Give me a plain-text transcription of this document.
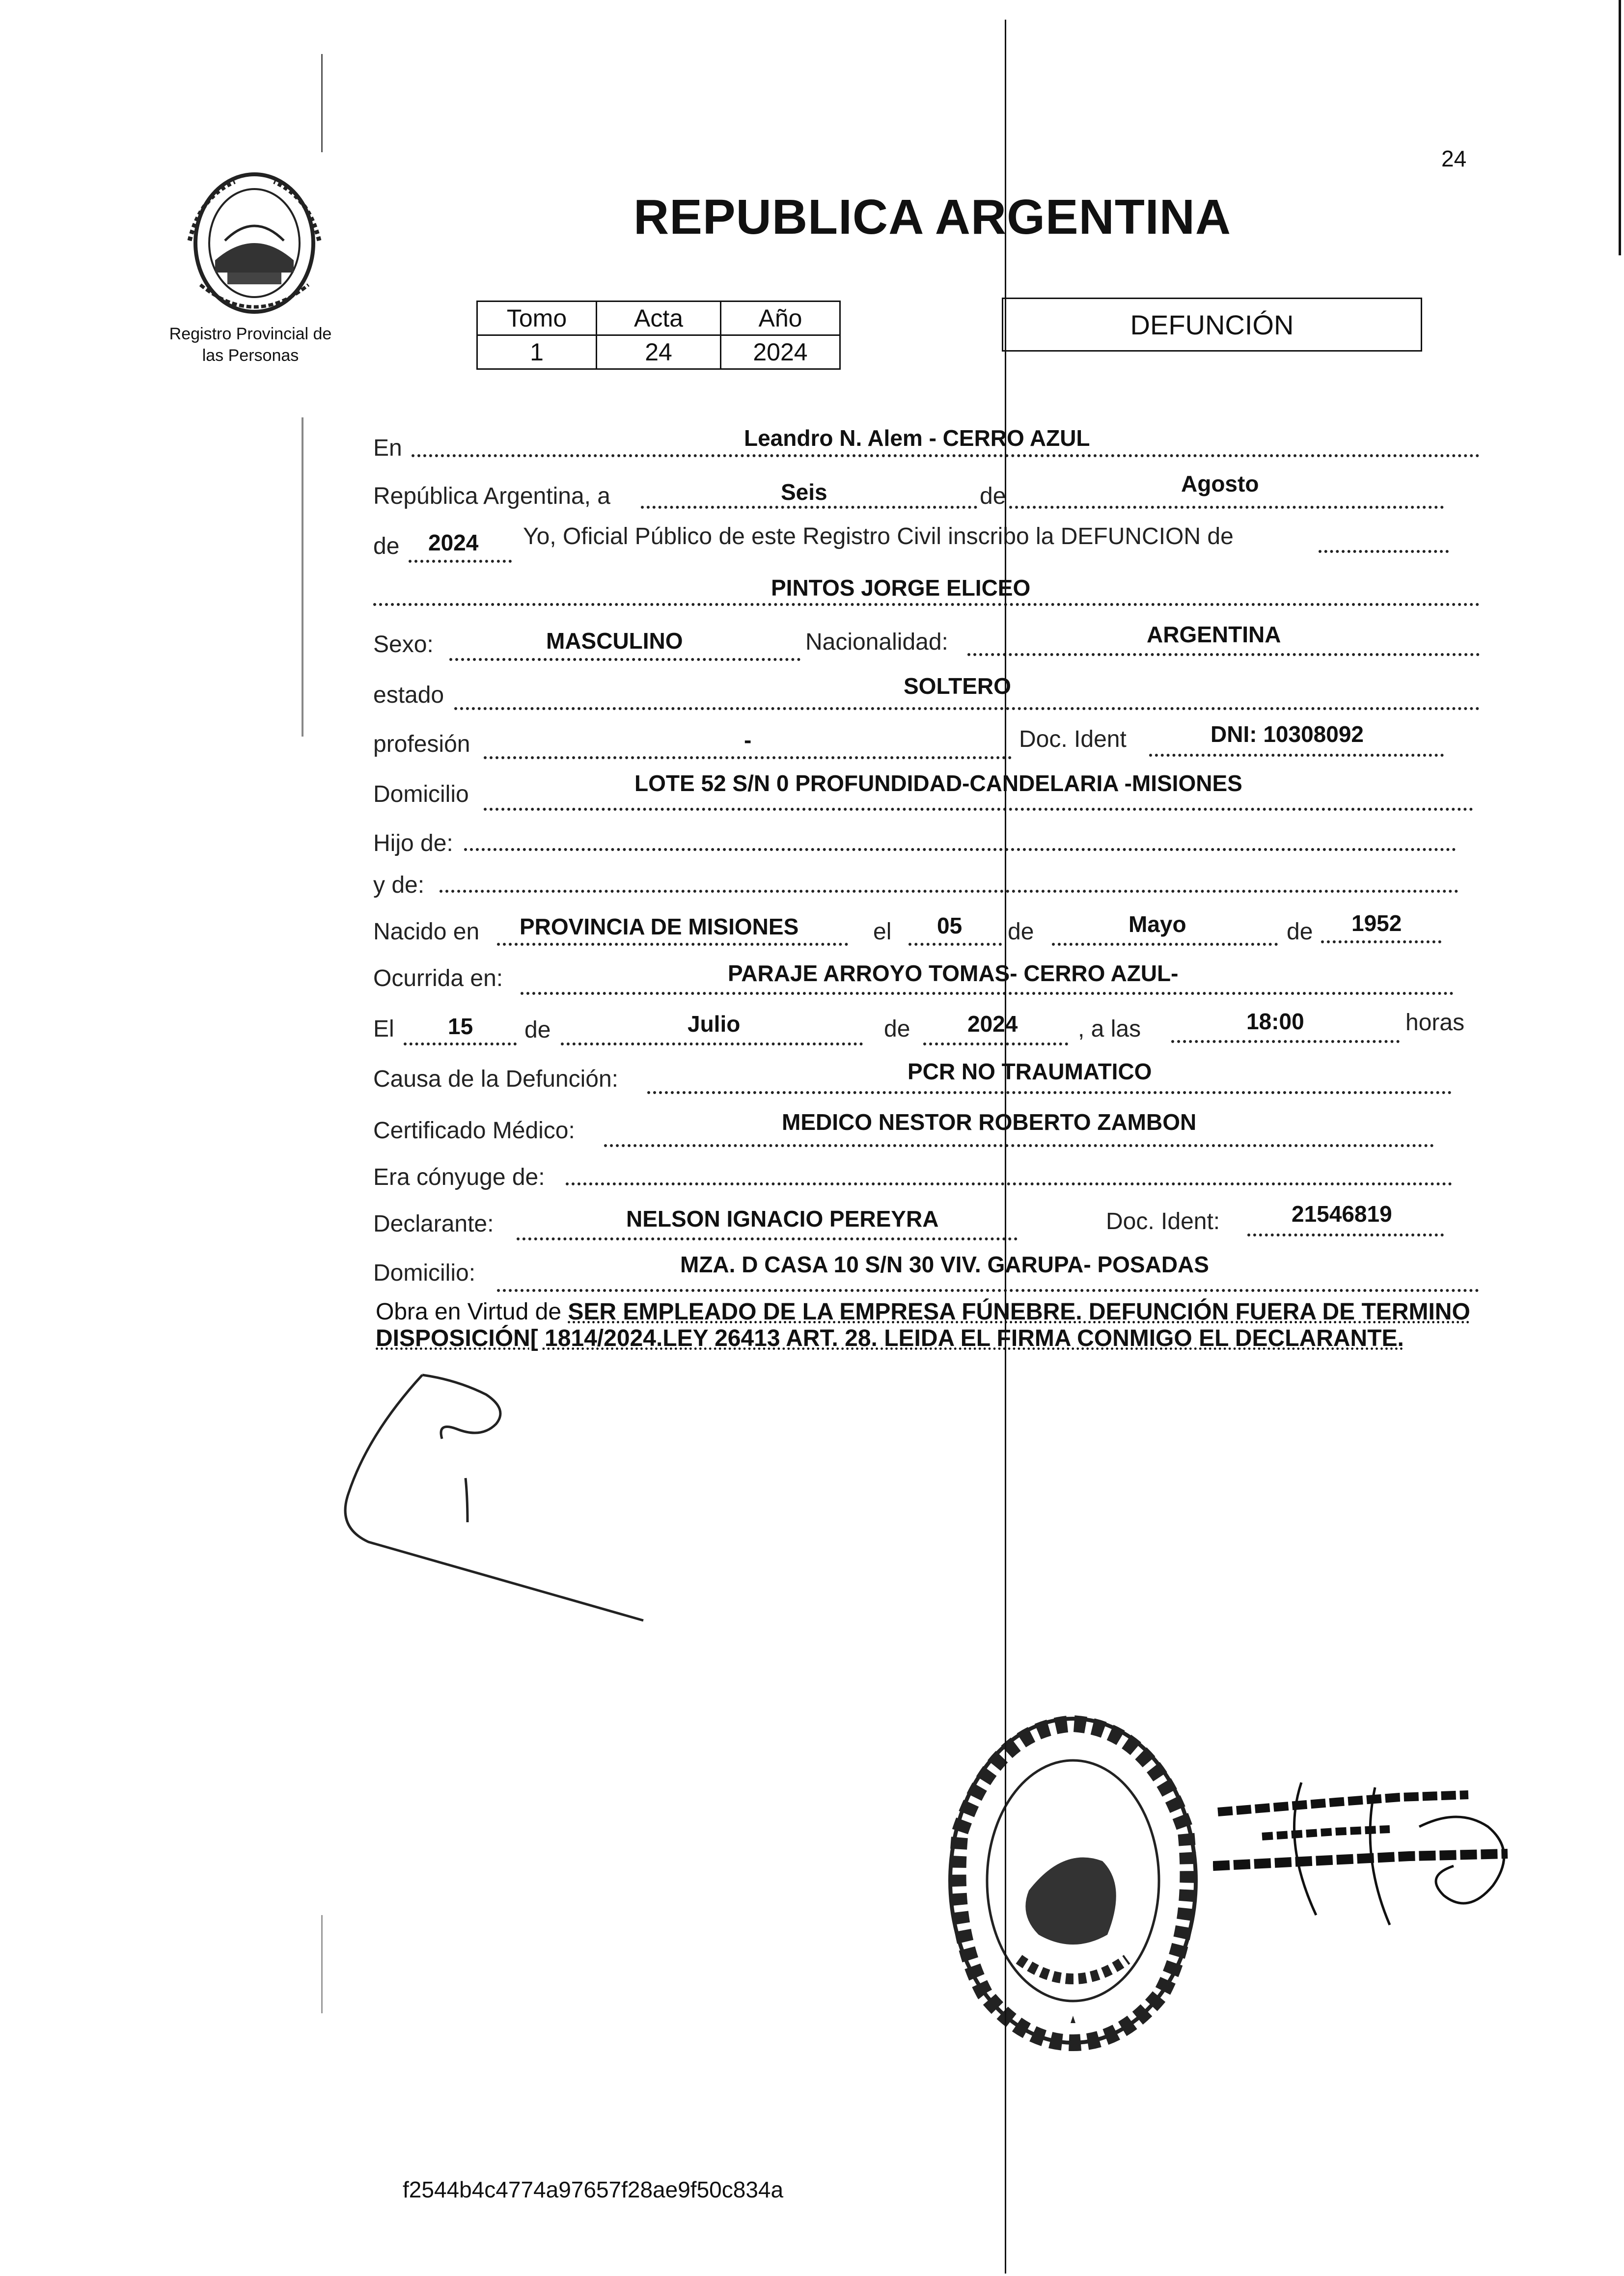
24
Registro Provincial de
las Personas
REPUBLICA ARGENTINA
Tomo	Acta	Año
1	24	2024
DEFUNCIÓN
En	Leandro N. Alem - CERRO AZUL
República Argentina, a	Seis	de	Agosto
de 2024 Yo, Oficial Público de este Registro Civil inscribo la DEFUNCION de
PINTOS JORGE ELICEO
Sexo:	MASCULINO	Nacionalidad:	ARGENTINA
estado	SOLTERO
profesión	-	Doc. Ident	DNI: 10308092
Domicilio	LOTE 52 S/N 0 PROFUNDIDAD-CANDELARIA -MISIONES
Hijo de:
y de:
Nacido en PROVINCIA DE MISIONES	el 05 de	Mayo	de 1952
Ocurrida en:	PARAJE ARROYO TOMAS- CERRO AZUL-
El 15 de	Julio	de	2024	, a las	18:00	horas
Causa de la Defunción:	PCR NO TRAUMATICO
Certificado Médico:	MEDICO NESTOR ROBERTO ZAMBON
Era cónyuge de:
Declarante:	NELSON IGNACIO PEREYRA	Doc. Ident:	21546819
Domicilio:	MZA. D CASA 10 S/N 30 VIV. GARUPA- POSADAS
Obra en Virtud de SER EMPLEADO DE LA EMPRESA FÚNEBRE. DEFUNCIÓN FUERA DE TERMINO DISPOSICIÓN[ 1814/2024.LEY 26413 ART. 28. LEIDA EL FIRMA CONMIGO EL DECLARANTE.
f2544b4c4774a97657f28ae9f50c834a
